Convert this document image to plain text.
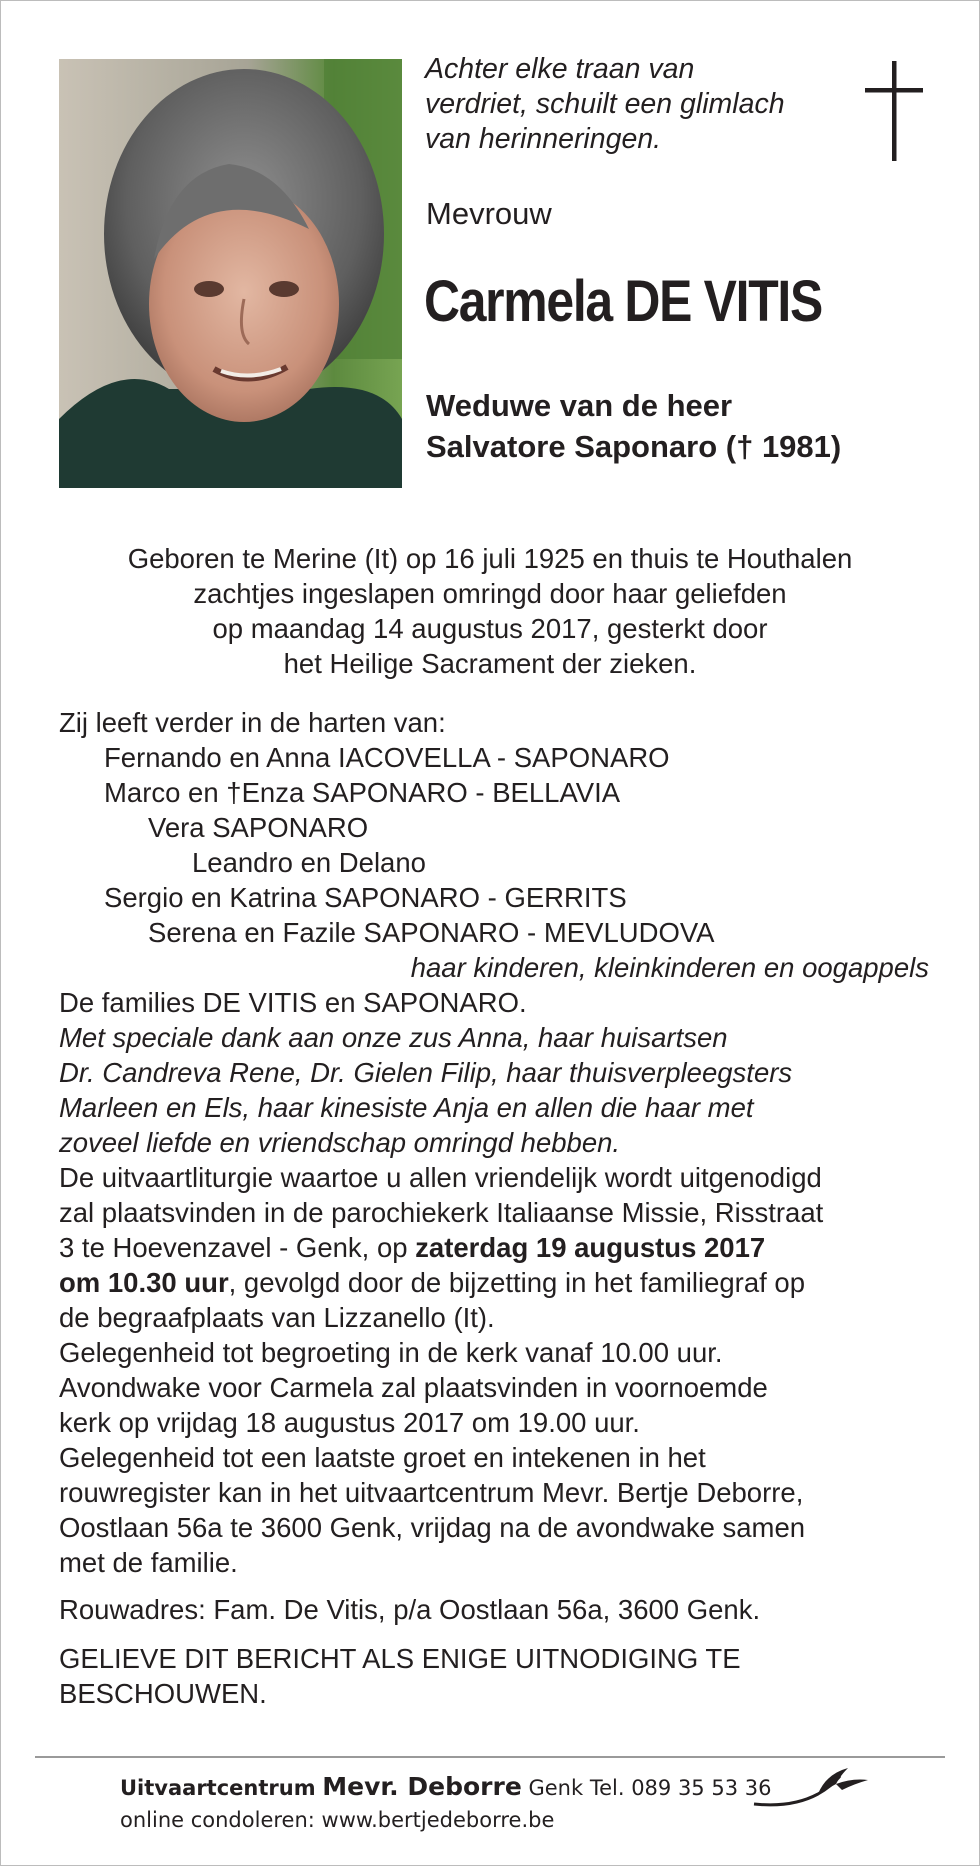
Achter elke traan van
verdriet, schuilt een glimlach
van herinneringen.
Mevrouw
Carmela DE VITIS
Weduwe van de heer
Salvatore Saponaro († 1981)
Geboren te Merine (It) op 16 juli 1925 en thuis te Houthalen
zachtjes ingeslapen omringd door haar geliefden
op maandag 14 augustus 2017, gesterkt door
het Heilige Sacrament der zieken.
Zij leeft verder in de harten van:
Fernando en Anna IACOVELLA - SAPONARO
Marco en †Enza SAPONARO - BELLAVIA
Vera SAPONARO
Leandro en Delano
Sergio en Katrina SAPONARO - GERRITS
Serena en Fazile SAPONARO - MEVLUDOVA
haar kinderen, kleinkinderen en oogappels
De families DE VITIS en SAPONARO.
Met speciale dank aan onze zus Anna, haar huisartsen
Dr. Candreva Rene, Dr. Gielen Filip, haar thuisverpleegsters
Marleen en Els, haar kinesiste Anja en allen die haar met
zoveel liefde en vriendschap omringd hebben.
De uitvaartliturgie waartoe u allen vriendelijk wordt uitgenodigd
zal plaatsvinden in de parochiekerk Italiaanse Missie, Risstraat
3 te Hoevenzavel - Genk, op zaterdag 19 augustus 2017
om 10.30 uur, gevolgd door de bijzetting in het familiegraf op
de begraafplaats van Lizzanello (It).
Gelegenheid tot begroeting in de kerk vanaf 10.00 uur.
Avondwake voor Carmela zal plaatsvinden in voornoemde
kerk op vrijdag 18 augustus 2017 om 19.00 uur.
Gelegenheid tot een laatste groet en intekenen in het
rouwregister kan in het uitvaartcentrum Mevr. Bertje Deborre,
Oostlaan 56a te 3600 Genk, vrijdag na de avondwake samen
met de familie.
Rouwadres: Fam. De Vitis, p/a Oostlaan 56a, 3600 Genk.
GELIEVE DIT BERICHT ALS ENIGE UITNODIGING TE
BESCHOUWEN.
Uitvaartcentrum Mevr. Deborre Genk Tel. 089 35 53 36
online condoleren: www.bertjedeborre.be
